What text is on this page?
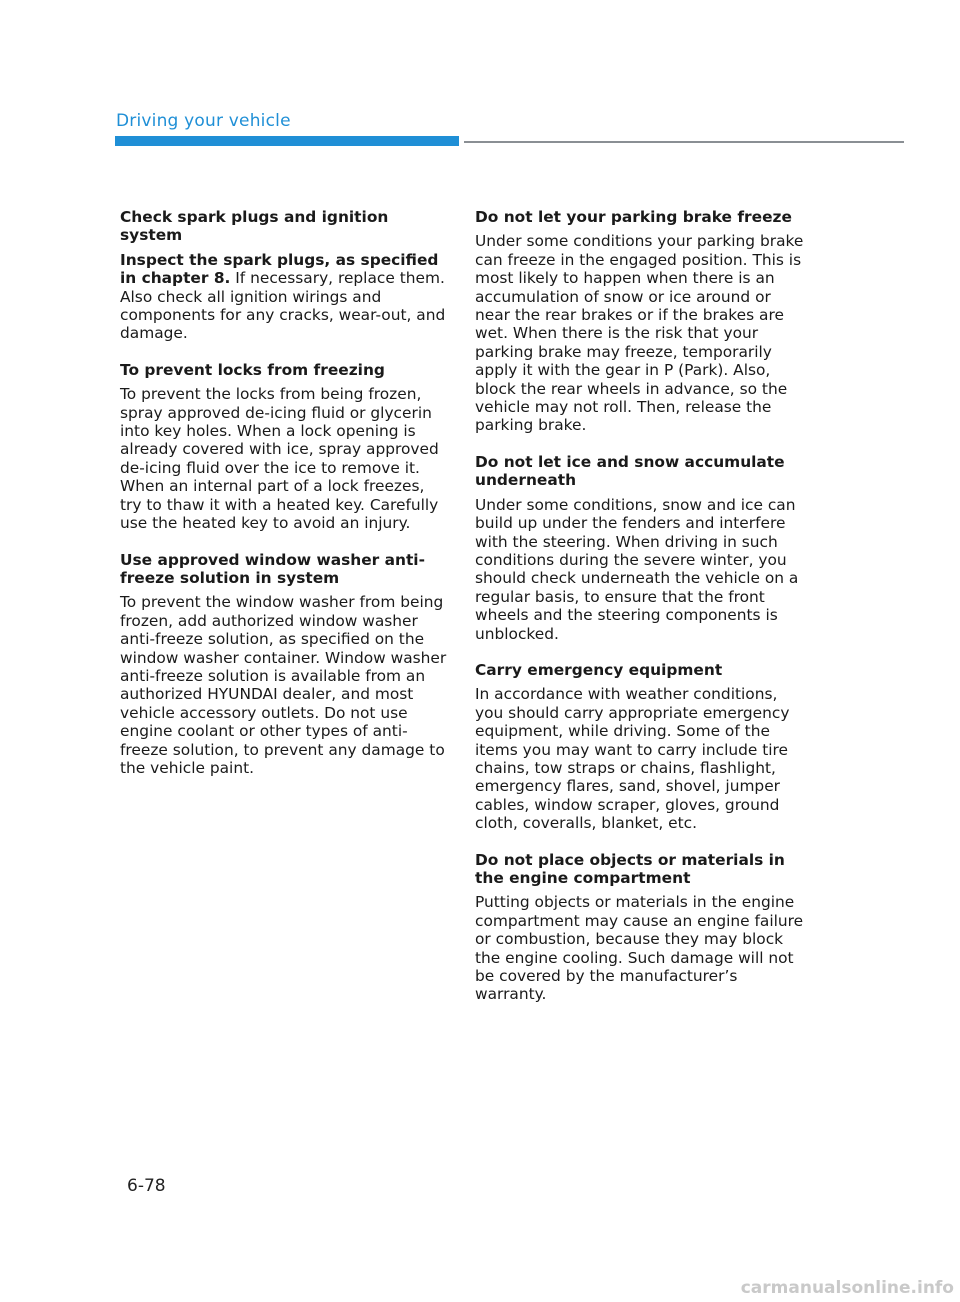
Driving your vehicle
Check spark plugs and ignition system

Inspect the spark plugs, as specified in chapter 8. If necessary, replace them. Also check all ignition wirings and components for any cracks, wear-out, and damage.

To prevent locks from freezing

To prevent the locks from being frozen, spray approved de-icing fluid or glycerin into key holes. When a lock opening is already covered with ice, spray approved de-icing fluid over the ice to remove it. When an internal part of a lock freezes, try to thaw it with a heated key. Carefully use the heated key to avoid an injury.

Use approved window washer anti-freeze solution in system

To prevent the window washer from being frozen, add authorized window washer anti-freeze solution, as specified on the window washer container. Window washer anti-freeze solution is available from an authorized HYUNDAI dealer, and most vehicle accessory outlets. Do not use engine coolant or other types of anti-freeze solution, to prevent any damage to the vehicle paint.

Do not let your parking brake freeze

Under some conditions your parking brake can freeze in the engaged position. This is most likely to happen when there is an accumulation of snow or ice around or near the rear brakes or if the brakes are wet. When there is the risk that your parking brake may freeze, temporarily apply it with the gear in P (Park). Also, block the rear wheels in advance, so the vehicle may not roll. Then, release the parking brake.

Do not let ice and snow accumulate underneath

Under some conditions, snow and ice can build up under the fenders and interfere with the steering. When driving in such conditions during the severe winter, you should check underneath the vehicle on a regular basis, to ensure that the front wheels and the steering components is unblocked.

Carry emergency equipment

In accordance with weather conditions, you should carry appropriate emergency equipment, while driving. Some of the items you may want to carry include tire chains, tow straps or chains, flashlight, emergency flares, sand, shovel, jumper cables, window scraper, gloves, ground cloth, coveralls, blanket, etc.

Do not place objects or materials in the engine compartment

Putting objects or materials in the engine compartment may cause an engine failure or combustion, because they may block the engine cooling. Such damage will not be covered by the manufacturer’s warranty.

6-78
carmanualsonline.info
